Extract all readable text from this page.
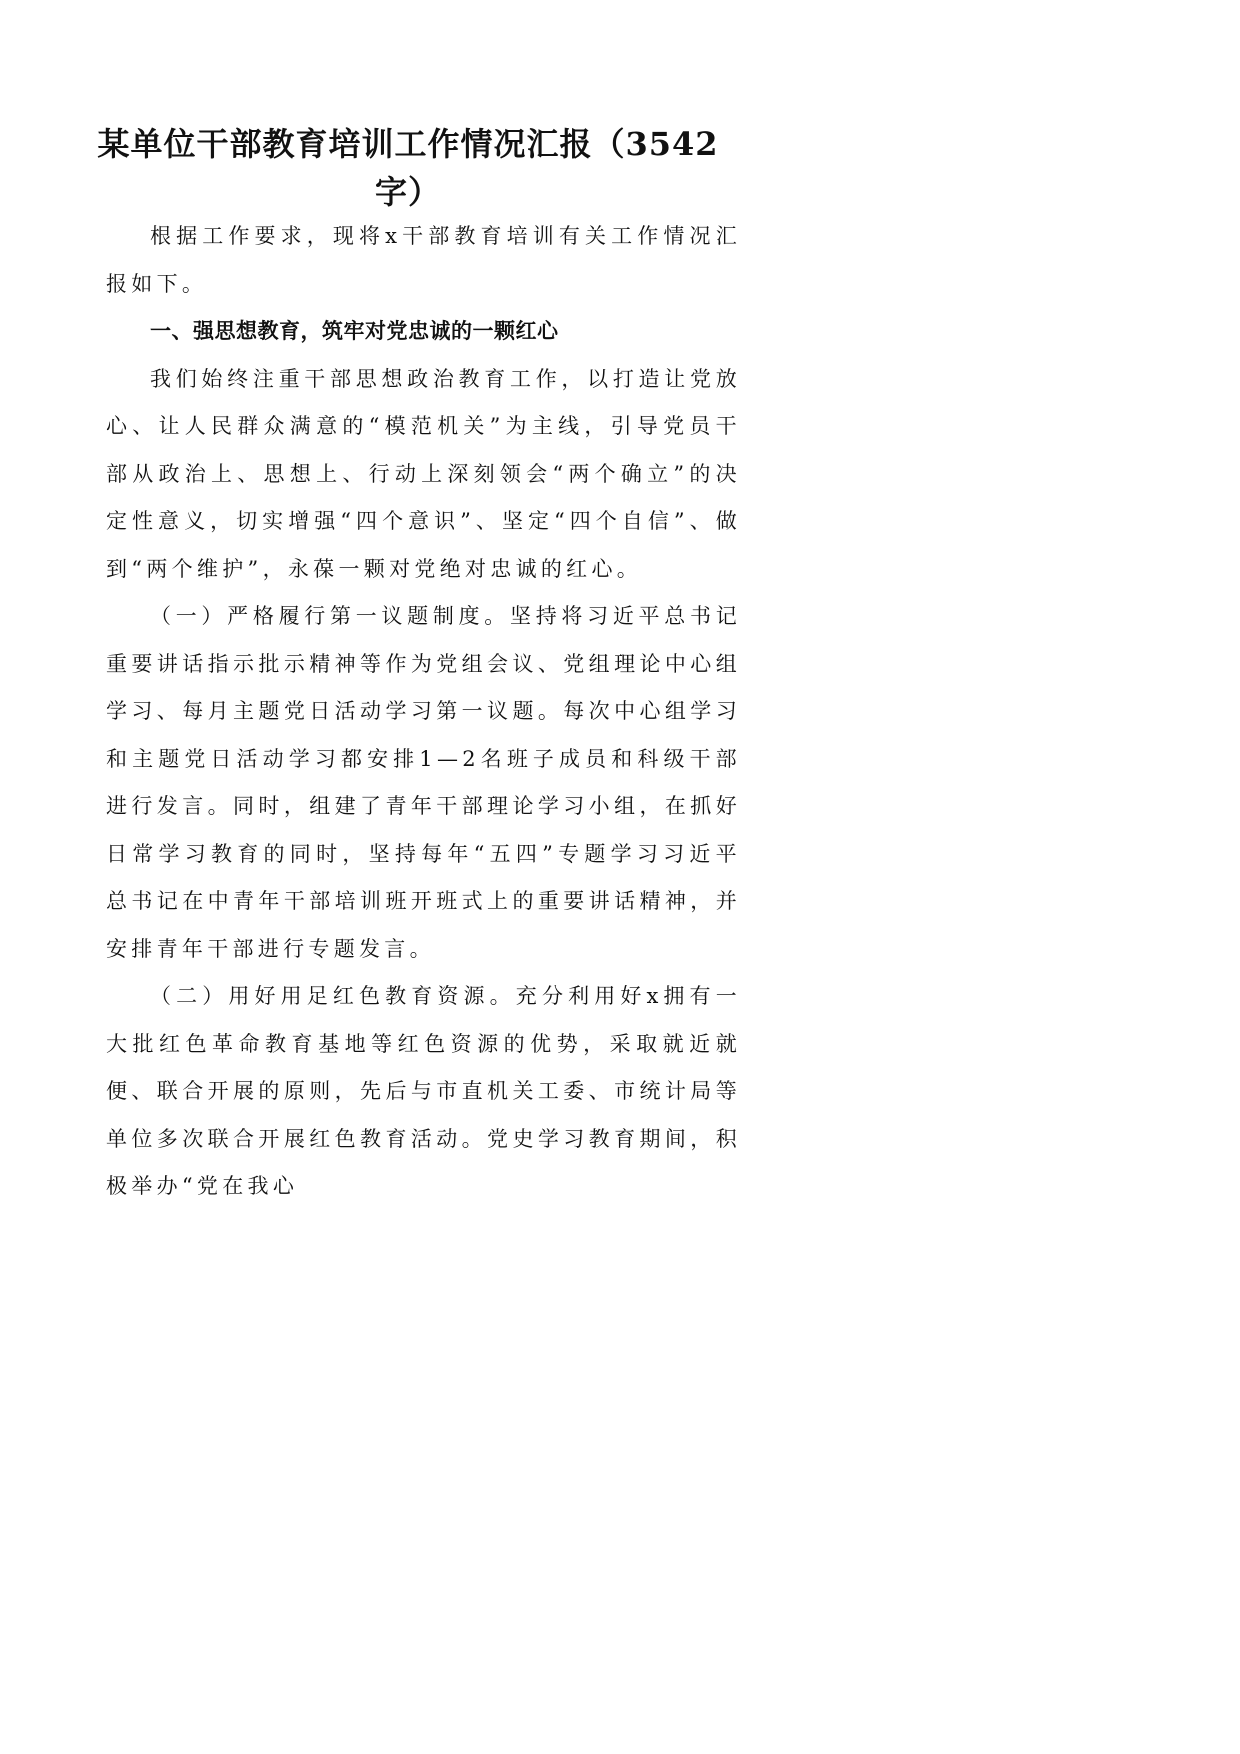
某单位干部教育培训工作情况汇报（3542字）

根据工作要求，现将x干部教育培训有关工作情况汇报如下。

一、强思想教育，筑牢对党忠诚的一颗红心

我们始终注重干部思想政治教育工作，以打造让党放心、让人民群众满意的“模范机关”为主线，引导党员干部从政治上、思想上、行动上深刻领会“两个确立”的决定性意义，切实增强“四个意识”、坚定“四个自信”、做到“两个维护”，永葆一颗对党绝对忠诚的红心。

（一）严格履行第一议题制度。坚持将习近平总书记重要讲话指示批示精神等作为党组会议、党组理论中心组学习、每月主题党日活动学习第一议题。每次中心组学习和主题党日活动学习都安排1—2名班子成员和科级干部进行发言。同时，组建了青年干部理论学习小组，在抓好日常学习教育的同时，坚持每年“五四”专题学习习近平总书记在中青年干部培训班开班式上的重要讲话精神，并安排青年干部进行专题发言。

（二）用好用足红色教育资源。充分利用好x拥有一大批红色革命教育基地等红色资源的优势，采取就近就便、联合开展的原则，先后与市直机关工委、市统计局等单位多次联合开展红色教育活动。党史学习教育期间，积极举办“党在我心
